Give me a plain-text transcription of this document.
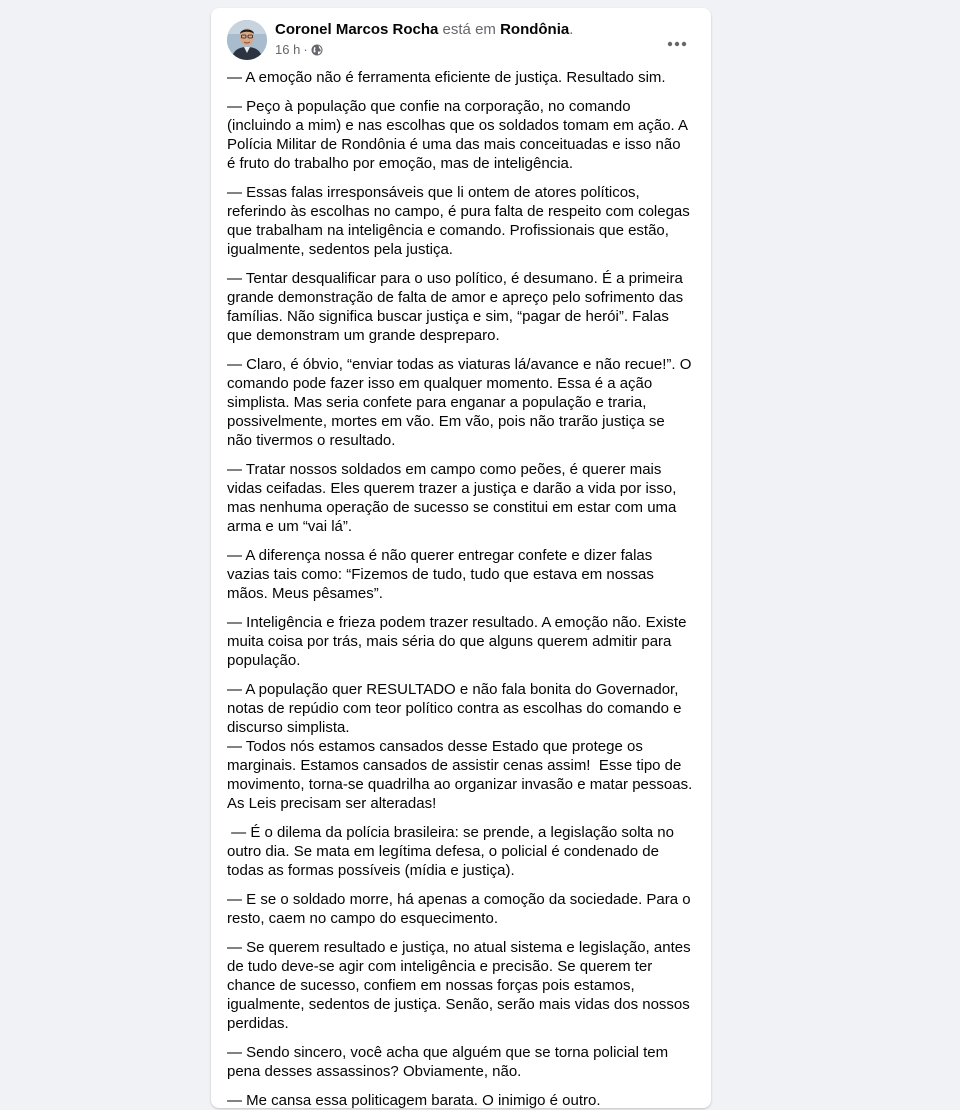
Coronel Marcos Rocha está em Rondônia.
16 h ·

— A emoção não é ferramenta eficiente de justiça. Resultado sim.

— Peço à população que confie na corporação, no comando (incluindo a mim) e nas escolhas que os soldados tomam em ação. A Polícia Militar de Rondônia é uma das mais conceituadas e isso não é fruto do trabalho por emoção, mas de inteligência.

— Essas falas irresponsáveis que li ontem de atores políticos, referindo às escolhas no campo, é pura falta de respeito com colegas que trabalham na inteligência e comando. Profissionais que estão, igualmente, sedentos pela justiça.

— Tentar desqualificar para o uso político, é desumano. É a primeira grande demonstração de falta de amor e apreço pelo sofrimento das famílias. Não significa buscar justiça e sim, “pagar de herói”. Falas que demonstram um grande despreparo.

— Claro, é óbvio, “enviar todas as viaturas lá/avance e não recue!”. O comando pode fazer isso em qualquer momento. Essa é a ação simplista. Mas seria confete para enganar a população e traria, possivelmente, mortes em vão. Em vão, pois não trarão justiça se não tivermos o resultado.

— Tratar nossos soldados em campo como peões, é querer mais vidas ceifadas. Eles querem trazer a justiça e darão a vida por isso, mas nenhuma operação de sucesso se constitui em estar com uma arma e um “vai lá”.

— A diferença nossa é não querer entregar confete e dizer falas vazias tais como: “Fizemos de tudo, tudo que estava em nossas mãos. Meus pêsames”.

— Inteligência e frieza podem trazer resultado. A emoção não. Existe muita coisa por trás, mais séria do que alguns querem admitir para população.

— A população quer RESULTADO e não fala bonita do Governador, notas de repúdio com teor político contra as escolhas do comando e discurso simplista.

— Todos nós estamos cansados desse Estado que protege os marginais. Estamos cansados de assistir cenas assim!  Esse tipo de movimento, torna-se quadrilha ao organizar invasão e matar pessoas. As Leis precisam ser alteradas!

— É o dilema da polícia brasileira: se prende, a legislação solta no outro dia. Se mata em legítima defesa, o policial é condenado de todas as formas possíveis (mídia e justiça).

— E se o soldado morre, há apenas a comoção da sociedade. Para o resto, caem no campo do esquecimento.

— Se querem resultado e justiça, no atual sistema e legislação, antes de tudo deve-se agir com inteligência e precisão. Se querem ter chance de sucesso, confiem em nossas forças pois estamos, igualmente, sedentos de justiça. Senão, serão mais vidas dos nossos perdidas.

— Sendo sincero, você acha que alguém que se torna policial tem pena desses assassinos? Obviamente, não.

— Me cansa essa politicagem barata. O inimigo é outro.
